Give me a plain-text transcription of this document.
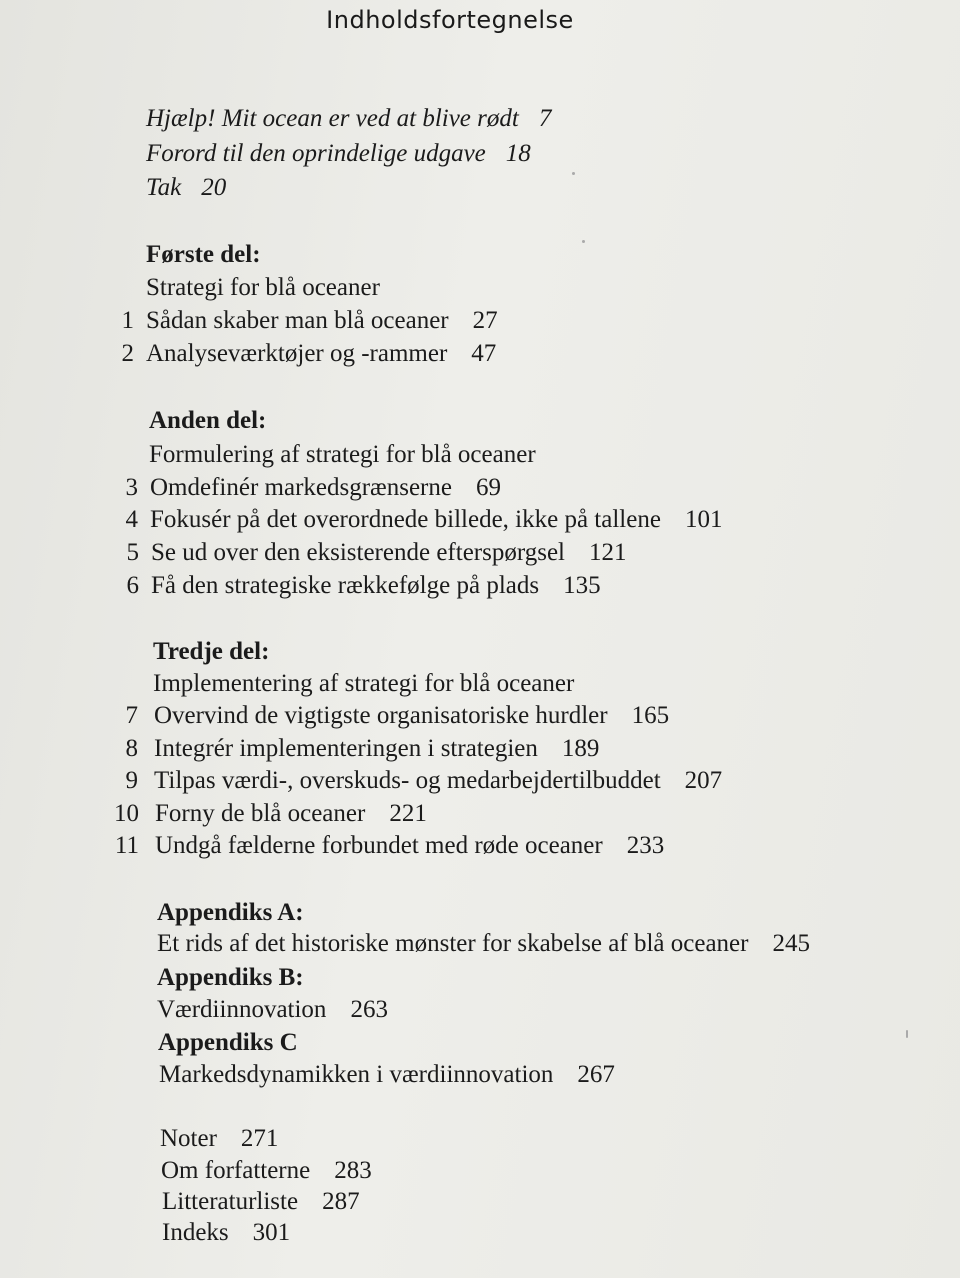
Indholdsfortegnelse
Hjælp! Mit ocean er ved at blive rødt 7
Forord til den oprindelige udgave 18
Tak 20
Første del:
Strategi for blå oceaner
1 Sådan skaber man blå oceaner 27
2 Analyseværktøjer og -rammer 47
Anden del:
Formulering af strategi for blå oceaner
3 Omdefinér markedsgrænserne 69
4 Fokusér på det overordnede billede, ikke på tallene 101
5 Se ud over den eksisterende efterspørgsel 121
6 Få den strategiske rækkefølge på plads 135
Tredje del:
Implementering af strategi for blå oceaner
7 Overvind de vigtigste organisatoriske hurdler 165
8 Integrér implementeringen i strategien 189
9 Tilpas værdi-, overskuds- og medarbejdertilbuddet 207
10 Forny de blå oceaner 221
11 Undgå fælderne forbundet med røde oceaner 233
Appendiks A:
Et rids af det historiske mønster for skabelse af blå oceaner 245
Appendiks B:
Værdiinnovation 263
Appendiks C
Markedsdynamikken i værdiinnovation 267
Noter 271
Om forfatterne 283
Litteraturliste 287
Indeks 301
